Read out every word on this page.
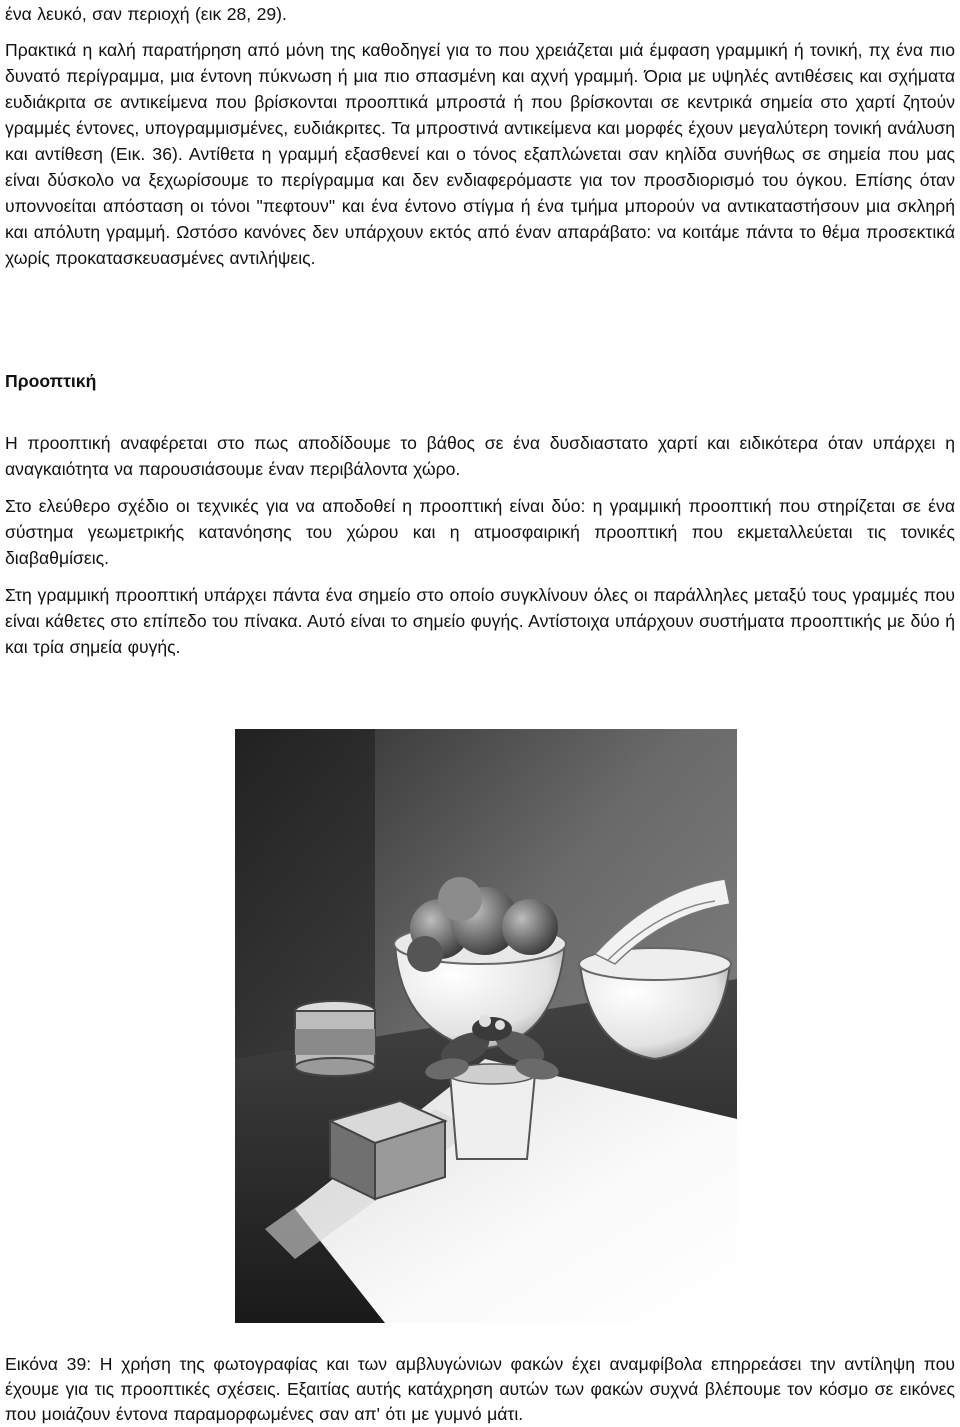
ένα λευκό, σαν περιοχή (εικ 28, 29).

Πρακτικά η καλή παρατήρηση από μόνη της καθοδηγεί για το που χρειάζεται μιά έμφαση γραμμική ή τονική, πχ ένα πιο δυνατό περίγραμμα, μια έντονη πύκνωση ή μια πιο σπασμένη και αχνή γραμμή. Όρια με υψηλές αντιθέσεις και σχήματα ευδιάκριτα σε αντικείμενα που βρίσκονται προοπτικά μπροστά ή που βρίσκονται σε κεντρικά σημεία στο χαρτί ζητούν γραμμές έντονες, υπογραμμισμένες, ευδιάκριτες. Τα μπροστινά αντικείμενα και μορφές έχουν μεγαλύτερη τονική ανάλυση και αντίθεση (Εικ. 36). Αντίθετα η γραμμή εξασθενεί και ο τόνος εξαπλώνεται σαν κηλίδα συνήθως σε σημεία που μας είναι δύσκολο να ξεχωρίσουμε το περίγραμμα και δεν ενδιαφερόμαστε για τον προσδιορισμό του όγκου. Επίσης όταν υποννοείται απόσταση οι τόνοι "πεφτουν" και ένα έντονο στίγμα ή ένα τμήμα μπορούν να αντικαταστήσουν μια σκληρή και απόλυτη γραμμή. Ωστόσο κανόνες δεν υπάρχουν εκτός από έναν απαράβατο: να κοιτάμε πάντα το θέμα προσεκτικά χωρίς προκατασκευασμένες αντιλήψεις.

Προοπτική

Η προοπτική αναφέρεται στο πως αποδίδουμε το βάθος σε ένα δυσδιαστατο χαρτί και ειδικότερα όταν υπάρχει η αναγκαιότητα να παρουσιάσουμε έναν περιβάλοντα χώρο.

Στο ελεύθερο σχέδιο οι τεχνικές για να αποδοθεί η προοπτική είναι δύο: η γραμμική προοπτική που στηρίζεται σε ένα σύστημα γεωμετρικής κατανόησης του χώρου και η ατμοσφαιρική προοπτική που εκμεταλλεύεται τις τονικές διαβαθμίσεις.

Στη γραμμική προοπτική υπάρχει πάντα ένα σημείο στο οποίο συγκλίνουν όλες οι παράλληλες μεταξύ τους γραμμές που είναι κάθετες στο επίπεδο του πίνακα. Αυτό είναι το σημείο φυγής. Αντίστοιχα υπάρχουν συστήματα προοπτικής με δύο ή και τρία σημεία φυγής.

Εικόνα 39: Η χρήση της φωτογραφίας και των αμβλυγώνιων φακών έχει αναμφίβολα επηρρεάσει την αντίληψη που έχουμε για τις προοπτικές σχέσεις. Εξαιτίας αυτής κατάχρηση αυτών των φακών συχνά βλέπουμε τον κόσμο σε εικόνες που μοιάζουν έντονα παραμορφωμένες σαν απ' ότι με γυμνό μάτι.
